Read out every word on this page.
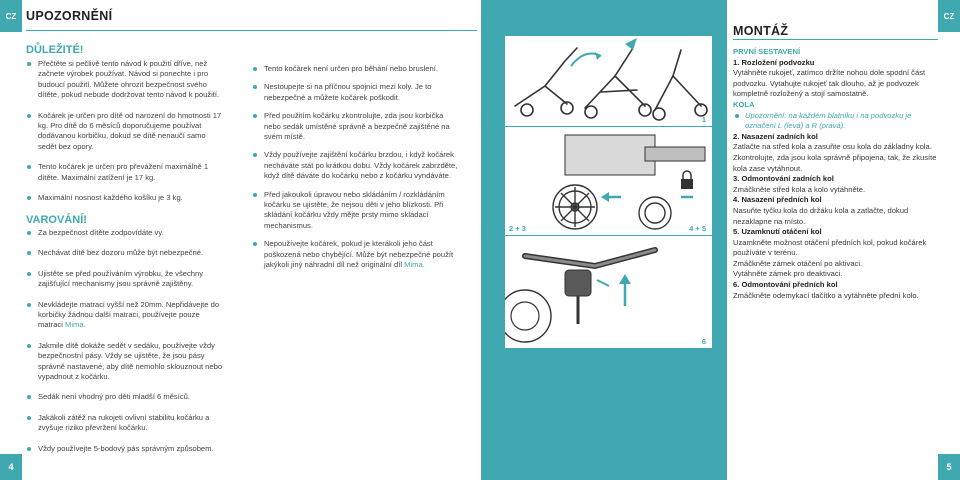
CZ UPOZORNĚNÍ
DŮLEŽITÉ!
Přečtěte si pečlivě tento návod k použití dříve, než začnete výrobek používat. Návod si ponechte i pro budoucí použití. Můžete ohrozit bezpečnost svého dítěte, pokud nebude dodržovat tento návod k použití.
Kočárek je určen pro dítě od narození do hmotnosti 17 kg. Pro dítě do 6 měsíců doporučujeme používat dodávanou korbičku, dokud se dítě nenaučí samo sedět bez opory.
Tento kočárek je určen pro převážení maximálně 1 dítěte. Maximální zatížení je 17 kg.
Maximální nosnost každého košíku je 3 kg.
VAROVÁNÍ!
Za bezpečnost dítěte zodpovídáte vy.
Nechávat dítě bez dozoru může být nebezpečné.
Ujistěte se před používáním výrobku, že všechny zajišťující mechanismy jsou správně zajištěny.
Nevkládejte matraci vyšší než 20mm. Nepřidávejte do korbičky žádnou další matraci, používejte pouze matraci Mima.
Jakmile dítě dokáže sedět v sedáku, používejte vždy bezpečnostní pásy. Vždy se ujistěte, že jsou pásy správně nastavené, aby dítě nemohlo sklouznout nebo vypadnout z kočárku.
Sedák není vhodný pro děti mladší 6 měsíců.
Jakákoli zátěž na rukojeti ovlivní stabilitu kočárku a zvyšuje riziko převržení kočárku.
Vždy používejte 5-bodový pás správným způsobem.
Tento kočárek není určen pro běhání nebo bruslení.
Nestoupejte si na příčnou spojnici mezi koly. Je to nebezpečné a můžete kočárek poškodit.
Před použitím kočárku zkontrolujte, zda jsou korbička nebo sedák umístěné správně a bezpečně zajištěné na svém místě.
Vždy používejte zajištění kočárku brzdou, i když kočárek necháváte stát po krátkou dobu. Vždy kočárek zabrzděte, když dítě dáváte do kočárku nebo z kočárku vyndáváte.
Před jakoukoli úpravou nebo skládáním / rozkládáním kočárku se ujistěte, že nejsou děti v jeho blízkosti. Při skládání kočárku vždy mějte prsty mimo skládací mechanismus.
Nepoužívejte kočárek, pokud je kterákoli jeho část poškozená nebo chybějící. Může být nebezpečné použít jakýkoli jiný náhradní díl než originální díl Mima.
4
1
2 + 3	4 + 5
6
MONTÁŽ
CZ
PRVNÍ SESTAVENÍ
1. Rozložení podvozku
Vytáhněte rukojeť, zatímco držíte nohou dole spodní část podvozku. Vytahujte rukojeť tak dlouho, až je podvozek kompletně rozložený a stojí samostatně.
KOLA
Upozornění: na každém blatníku i na podvozku je označení L (levá) a R (pravá).
2. Nasazení zadních kol
Zatlačte na střed kola a zasuňte osu kola do základny kola. Zkontrolujte, zda jsou kola správně připojena, tak, že zkusíte kola zase vytáhnout.
3. Odmontování zadních kol
Zmáčkněte střed kola a kolo vytáhněte.
4. Nasazení předních kol
Nasuňte tyčku kola do držáku kola a zatlačte, dokud nezaklapne na místo.
5. Uzamknutí otáčení kol
Uzamkněte možnost otáčení předních kol, pokud kočárek používáte v terénu.
Zmáčkněte zámek otáčení po aktivaci.
Vytáhněte zámek pro deaktivaci.
6. Odmontování předních kol
Zmáčkněte odemykací tlačítko a vytáhněte přední kolo.
5
